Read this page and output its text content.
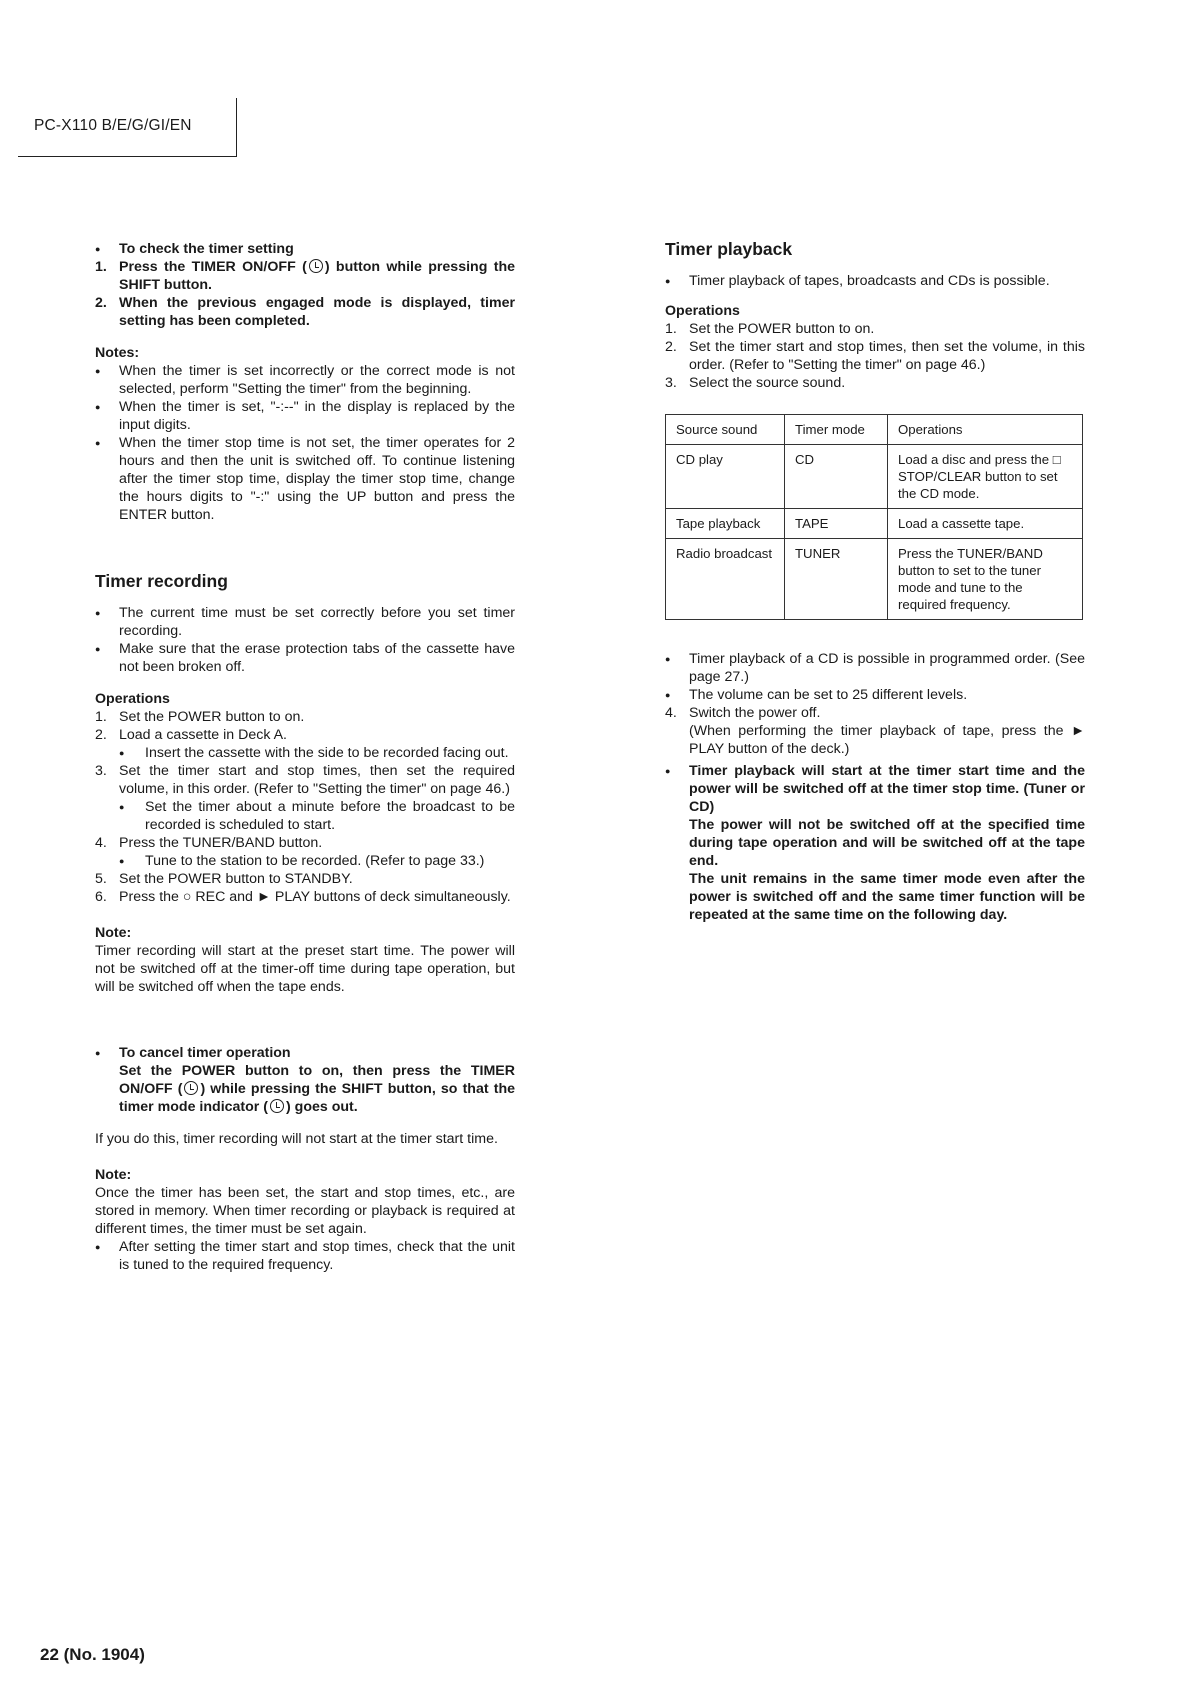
PC-X110 B/E/G/GI/EN
● To check the timer setting
1. Press the TIMER ON/OFF ( ) button while pressing the SHIFT button.
2. When the previous engaged mode is displayed, timer setting has been completed.
Notes:
● When the timer is set incorrectly or the correct mode is not selected, perform "Setting the timer" from the beginning.
● When the timer is set, "-:--" in the display is replaced by the input digits.
● When the timer stop time is not set, the timer operates for 2 hours and then the unit is switched off. To continue listening after the timer stop time, display the timer stop time, change the hours digits to "-:" using the UP button and press the ENTER button.
Timer recording
● The current time must be set correctly before you set timer recording.
● Make sure that the erase protection tabs of the cassette have not been broken off.
Operations
1. Set the POWER button to on.
2. Load a cassette in Deck A.
● Insert the cassette with the side to be recorded facing out.
3. Set the timer start and stop times, then set the required volume, in this order. (Refer to "Setting the timer" on page 46.)
● Set the timer about a minute before the broadcast to be recorded is scheduled to start.
4. Press the TUNER/BAND button.
● Tune to the station to be recorded. (Refer to page 33.)
5. Set the POWER button to STANDBY.
6. Press the ○ REC and ► PLAY buttons of deck simultaneously.
Note:
Timer recording will start at the preset start time. The power will not be switched off at the timer-off time during tape operation, but will be switched off when the tape ends.
● To cancel timer operation
Set the POWER button to on, then press the TIMER ON/OFF ( ) while pressing the SHIFT button, so that the timer mode indicator ( ) goes out.
If you do this, timer recording will not start at the timer start time.
Note:
Once the timer has been set, the start and stop times, etc., are stored in memory. When timer recording or playback is required at different times, the timer must be set again.
● After setting the timer start and stop times, check that the unit is tuned to the required frequency.
Timer playback
● Timer playback of tapes, broadcasts and CDs is possible.
Operations
1. Set the POWER button to on.
2. Set the timer start and stop times, then set the volume, in this order. (Refer to "Setting the timer" on page 46.)
3. Select the source sound.
Source sound	Timer mode	Operations
CD play	CD	Load a disc and press the □ STOP/CLEAR button to set the CD mode.
Tape playback	TAPE	Load a cassette tape.
Radio broadcast	TUNER	Press the TUNER/BAND button to set to the tuner mode and tune to the required frequency.
● Timer playback of a CD is possible in programmed order. (See page 27.)
● The volume can be set to 25 different levels.
4. Switch the power off.
(When performing the timer playback of tape, press the ► PLAY button of the deck.)
● Timer playback will start at the timer start time and the power will be switched off at the timer stop time. (Tuner or CD)
The power will not be switched off at the specified time during tape operation and will be switched off at the tape end.
The unit remains in the same timer mode even after the power is switched off and the same timer function will be repeated at the same time on the following day.
22 (No. 1904)
